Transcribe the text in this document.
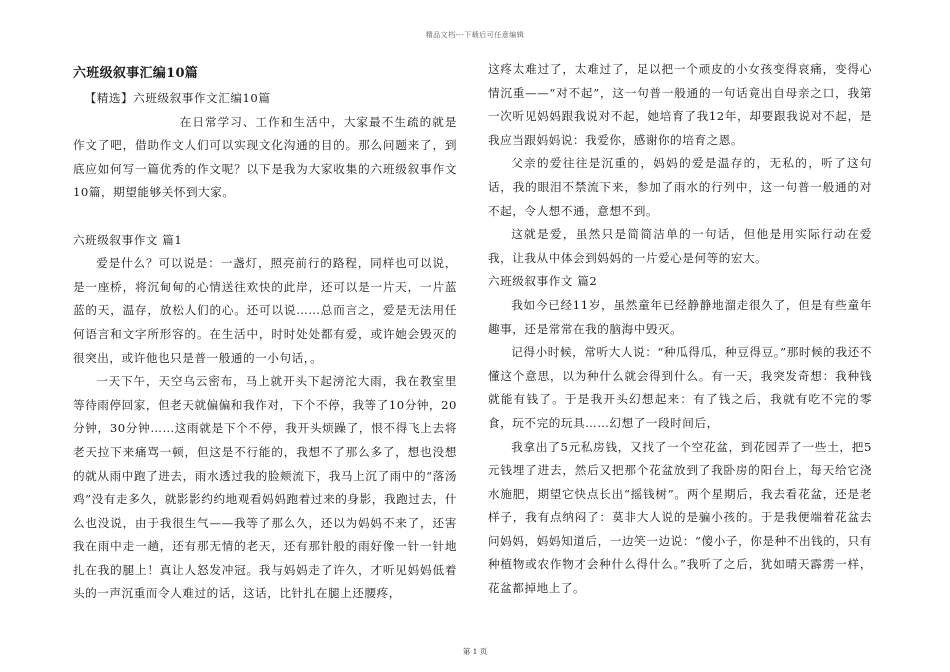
精品文档---下载后可任意编辑
六班级叙事汇编10篇

【精选】六班级叙事作文汇编10篇

在日常学习、工作和生活中，大家最不生疏的就是作文了吧，借助作文人们可以实现文化沟通的目的。那么问题来了，到底应如何写一篇优秀的作文呢？以下是我为大家收集的六班级叙事作文10篇，期望能够关怀到大家。

六班级叙事作文 篇1

爱是什么？可以说是：一盏灯，照亮前行的路程，同样也可以说，是一座桥，将沉甸甸的心情送往欢快的此岸，还可以是一片天，一片蓝蓝的天，温存，放松人们的心。还可以说……总而言之，爱是无法用任何语言和文字所形容的。在生活中，时时处处都有爱，或许她会毁灭的很突出，或许他也只是普一般通的一小句话，。

一天下午，天空乌云密布，马上就开头下起滂沱大雨，我在教室里等待雨停回家，但老天就偏偏和我作对，下个不停，我等了10分钟，20分钟，30分钟……这雨就是下个不停，我开头烦躁了，恨不得飞上去将老天拉下来痛骂一顿，但这是不行能的，我想不了那么多了，想也没想的就从雨中跑了进去，雨水透过我的脸颊流下，我马上沉了雨中的“落汤鸡”没有走多久，就影影约约地观看妈妈跑着过来的身影，我跑过去，什么也没说，由于我很生气——我等了那么久，还以为妈妈不来了，还害我在雨中走一趟，还有那无情的老天，还有那针般的雨好像一针一针地扎在我的腿上！真让人怒发冲冠。我与妈妈走了许久，才听见妈妈低着头的一声沉重而令人难过的话，这话，比针扎在腿上还腰疼，

这疼太难过了，太难过了，足以把一个顽皮的小女孩变得哀痛，变得心情沉重——“对不起”，这一句普一般通的一句话竟出自母亲之口，我第一次听见妈妈跟我说对不起，她培育了我12年，却要跟我说对不起，是我应当跟妈妈说：我爱你，感谢你的培育之恩。

父亲的爱往往是沉重的，妈妈的爱是温存的，无私的，听了这句话，我的眼泪不禁流下来，参加了雨水的行列中，这一句普一般通的对不起，令人想不通，意想不到。

这就是爱，虽然只是简简洁单的一句话，但他是用实际行动在爱我，让我从中体会到妈妈的一片爱心是何等的宏大。

六班级叙事作文 篇2

我如今已经11岁，虽然童年已经静静地溜走很久了，但是有些童年趣事，还是常常在我的脑海中毁灭。

记得小时候，常听大人说：“种瓜得瓜，种豆得豆。”那时候的我还不懂这个意思，以为种什么就会得到什么。有一天，我突发奇想：我种钱就能有钱了。于是我开头幻想起来：有了钱之后，我就有吃不完的零食，玩不完的玩具……幻想了一段时间后，

我拿出了5元私房钱，又找了一个空花盆，到花园弄了一些土，把5元钱埋了进去，然后又把那个花盆放到了我卧房的阳台上，每天给它浇水施肥，期望它快点长出“摇钱树”。两个星期后，我去看花盆，还是老样子，我有点纳闷了：莫非大人说的是骗小孩的。于是我便端着花盆去问妈妈，妈妈知道后，一边笑一边说：“傻小子，你是种不出钱的，只有种植物或农作物才会种什么得什么。”我听了之后，犹如晴天霹雳一样，花盆都掉地上了。

第 1 页
